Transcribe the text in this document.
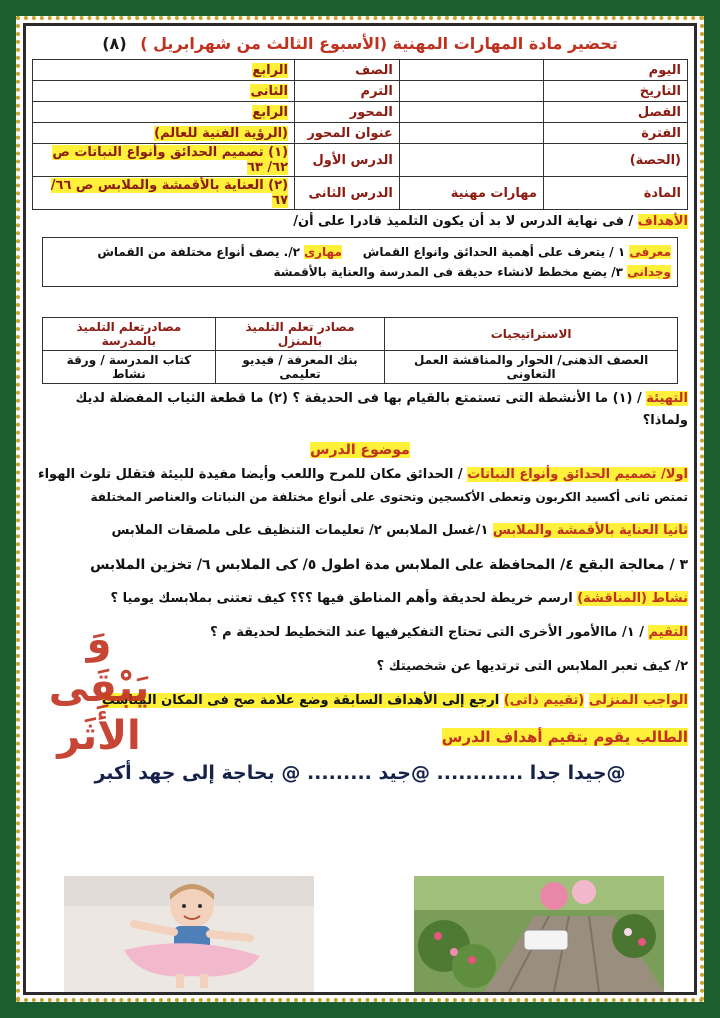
تحضير مادة المهارات المهنية (الأسبوع الثالث من شهرابريل ) (٨)
اليوم		الصف	الرابع
التاريخ		الترم	الثانى
الفصل		المحور	الرابع
الفترة		عنوان المحور	(الرؤية الفنية للعالم)
(الحصة)		الدرس الأول	(١) تصميم الحدائق وأنواع النباتات ص ٦٢/ ٦٣
المادة	مهارات مهنية	الدرس الثانى	(٢) العناية بالأقمشة والملابس ص ٦٦/ ٦٧
الأهداف / فى نهاية الدرس لا بد أن يكون التلميذ قادرا على أن/
معرفى ١ / يتعرف على أهمية الحدائق وانواع القماش     مهارى ٢/. يصف أنواع مختلفة من القماش
وجدانى ٣/ يضع مخطط لانشاء حديقة فى المدرسة والعناية بالأقمشة
الاستراتيجيات	مصادر تعلم التلميذ بالمنزل	مصادرتعلم التلميذ بالمدرسة
العصف الذهنى/ الحوار والمناقشة العمل التعاونى	بنك المعرفة / فيديو تعليمى	كتاب المدرسة / ورقة نشاط

التهيئة / (١) ما الأنشطة التى تستمتع بالقيام بها فى الحديقة ؟ (٢) ما قطعة الثياب المفضلة لديك ولماذا؟

موضوع الدرس

اولا/ تصميم الحدائق وأنواع النباتات / الحدائق مكان للمرح واللعب وأيضا مفيدة للبيئة فتقلل تلوث الهواء

تمتص ثانى أكسيد الكربون وتعطى الأكسجين وتحتوى على أنواع مختلفة من النباتات والعناصر المختلفة

ثانيا العناية بالأقمشة والملابس ١/غسل الملابس ٢/ تعليمات التنظيف على ملصقات الملابس

٣ / معالجة البقع ٤/ المحافظة على الملابس مدة اطول ٥/ كى الملابس ٦/ تخزين الملابس

نشاط (المناقشة) ارسم خريطة لحديقة وأهم المناطق فيها ؟؟؟ كيف تعتنى بملابسك يوميا ؟

التقيم / ١/ ماالأمور الأخرى التى تحتاج التفكيرفيها عند التخطيط لحديقة م ؟

٢/ كيف تعبر الملابس التى ترتديها عن شخصيتك ؟

الواجب المنزلى (تقييم ذاتى) ارجع إلى الأهداف السابقة وضع علامة صح فى المكان المناسب

الطالب يقوم بتقيم أهداف الدرس

@جيدا جدا ............ @جيد ......... @ بحاجة إلى جهد أكبر
وَ يَبْقَى
الأَثَر
